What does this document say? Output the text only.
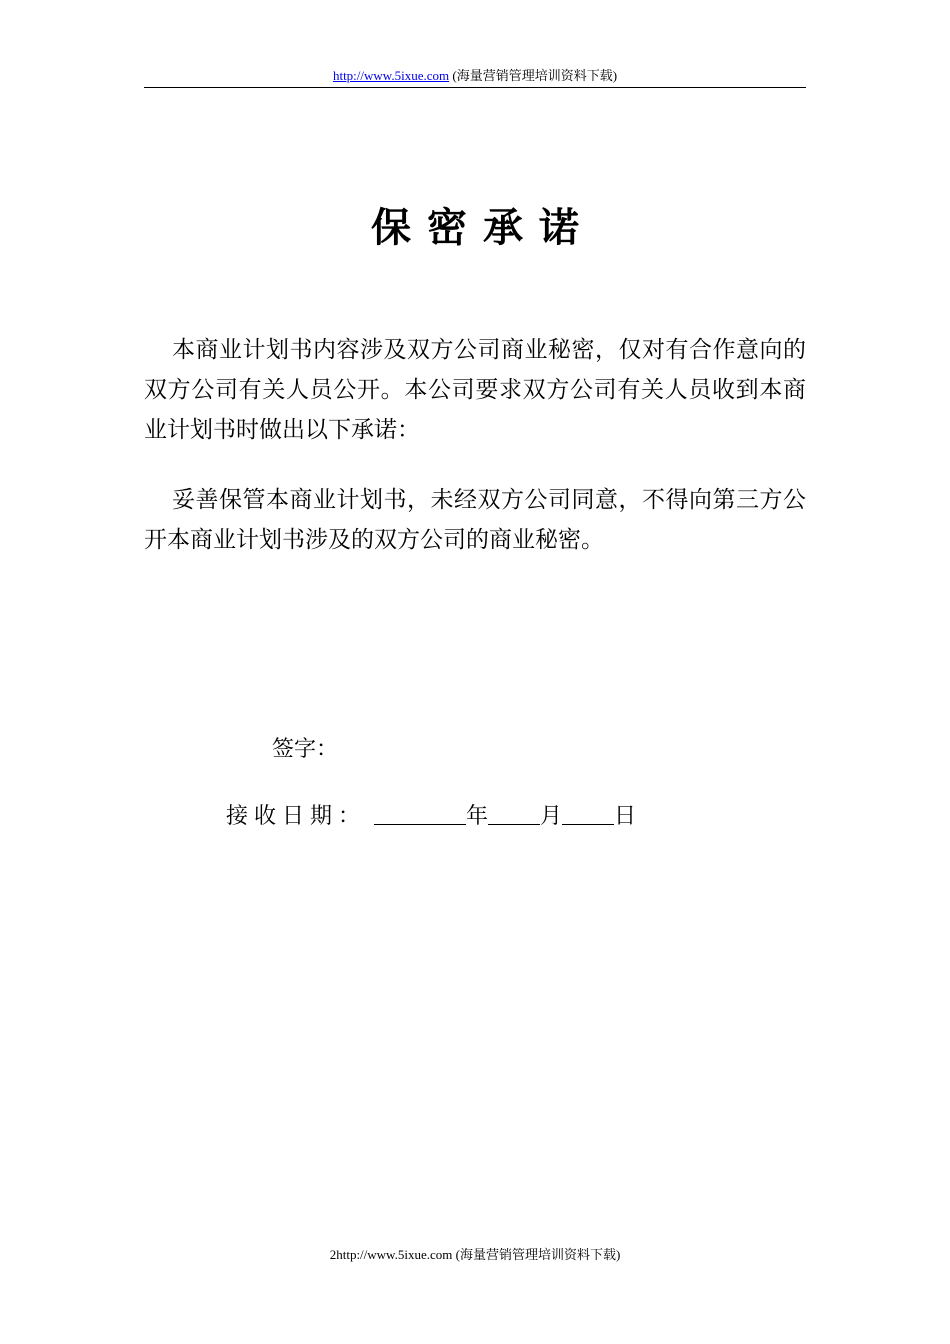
http://www.5ixue.com (海量营销管理培训资料下载)
保密承诺

本商业计划书内容涉及双方公司商业秘密，仅对有合作意向的双方公司有关人员公开。本公司要求双方公司有关人员收到本商业计划书时做出以下承诺：

妥善保管本商业计划书，未经双方公司同意，不得向第三方公开本商业计划书涉及的双方公司的商业秘密。

签字：
接收日期：	年 月 日
2http://www.5ixue.com (海量营销管理培训资料下载)
